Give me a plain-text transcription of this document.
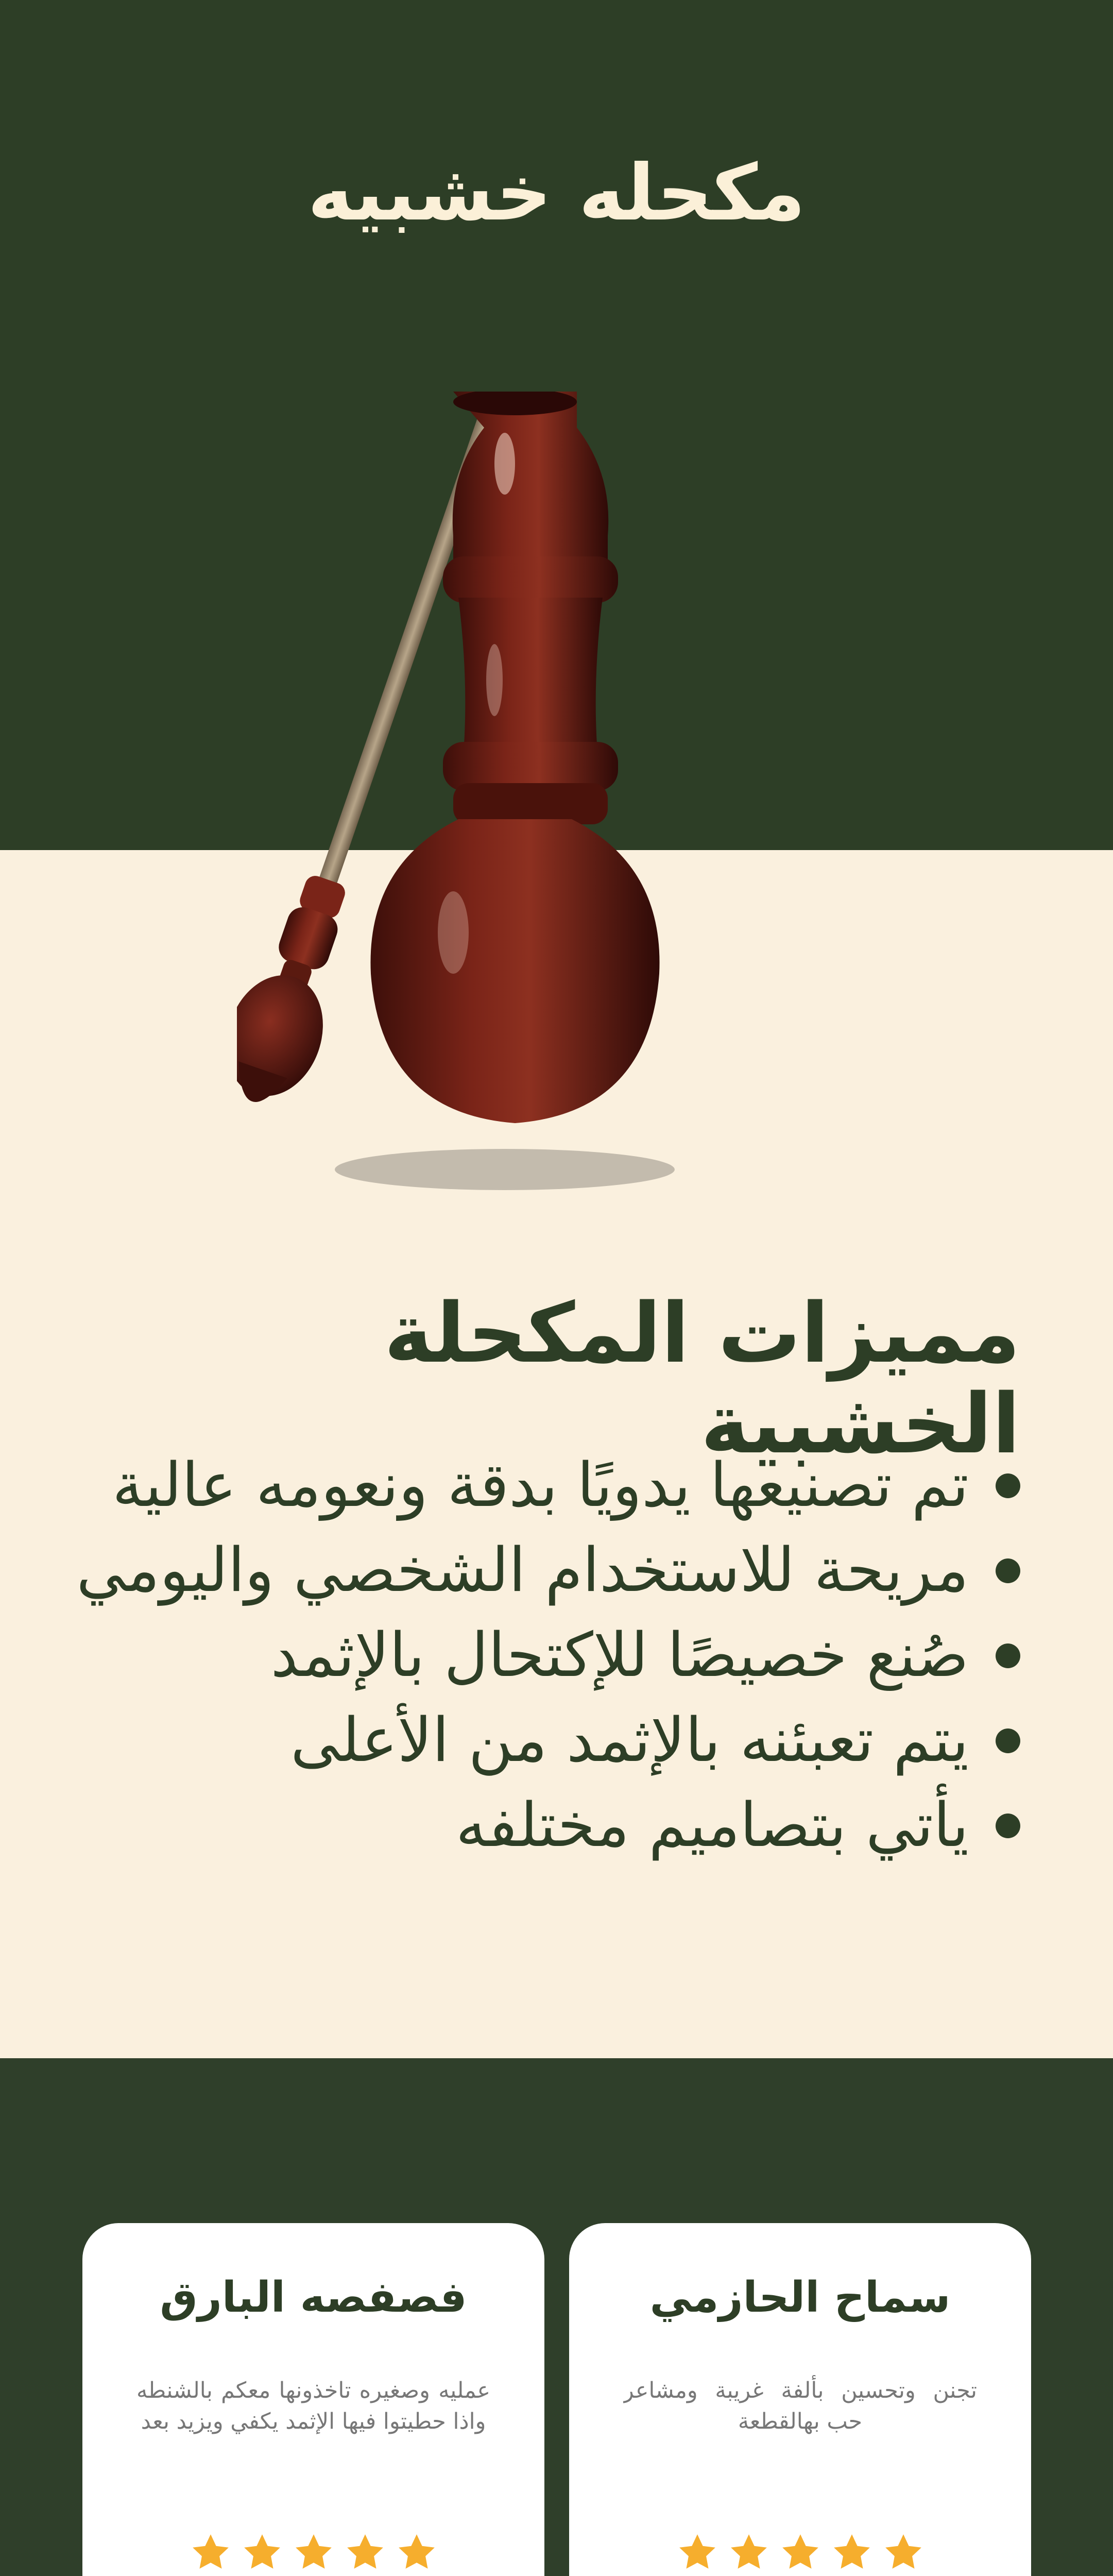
مكحله خشبيه
مميزات المكحلة الخشبية
تم تصنيعها يدويًا بدقة ونعومه عالية
مريحة للاستخدام الشخصي واليومي
صُنع خصيصًا للإكتحال بالإثمد
يتم تعبئنه بالإثمد من الأعلى
يأتي بتصاميم مختلفه
سماح الحازمي
تجنن وتحسين بألفة غريبة ومشاعر حب بهالقطعة
فصفصه البارق
عمليه وصغيره تاخذونها معكم بالشنطه واذا حطيتوا فيها الإثمد يكفي ويزيد بعد
